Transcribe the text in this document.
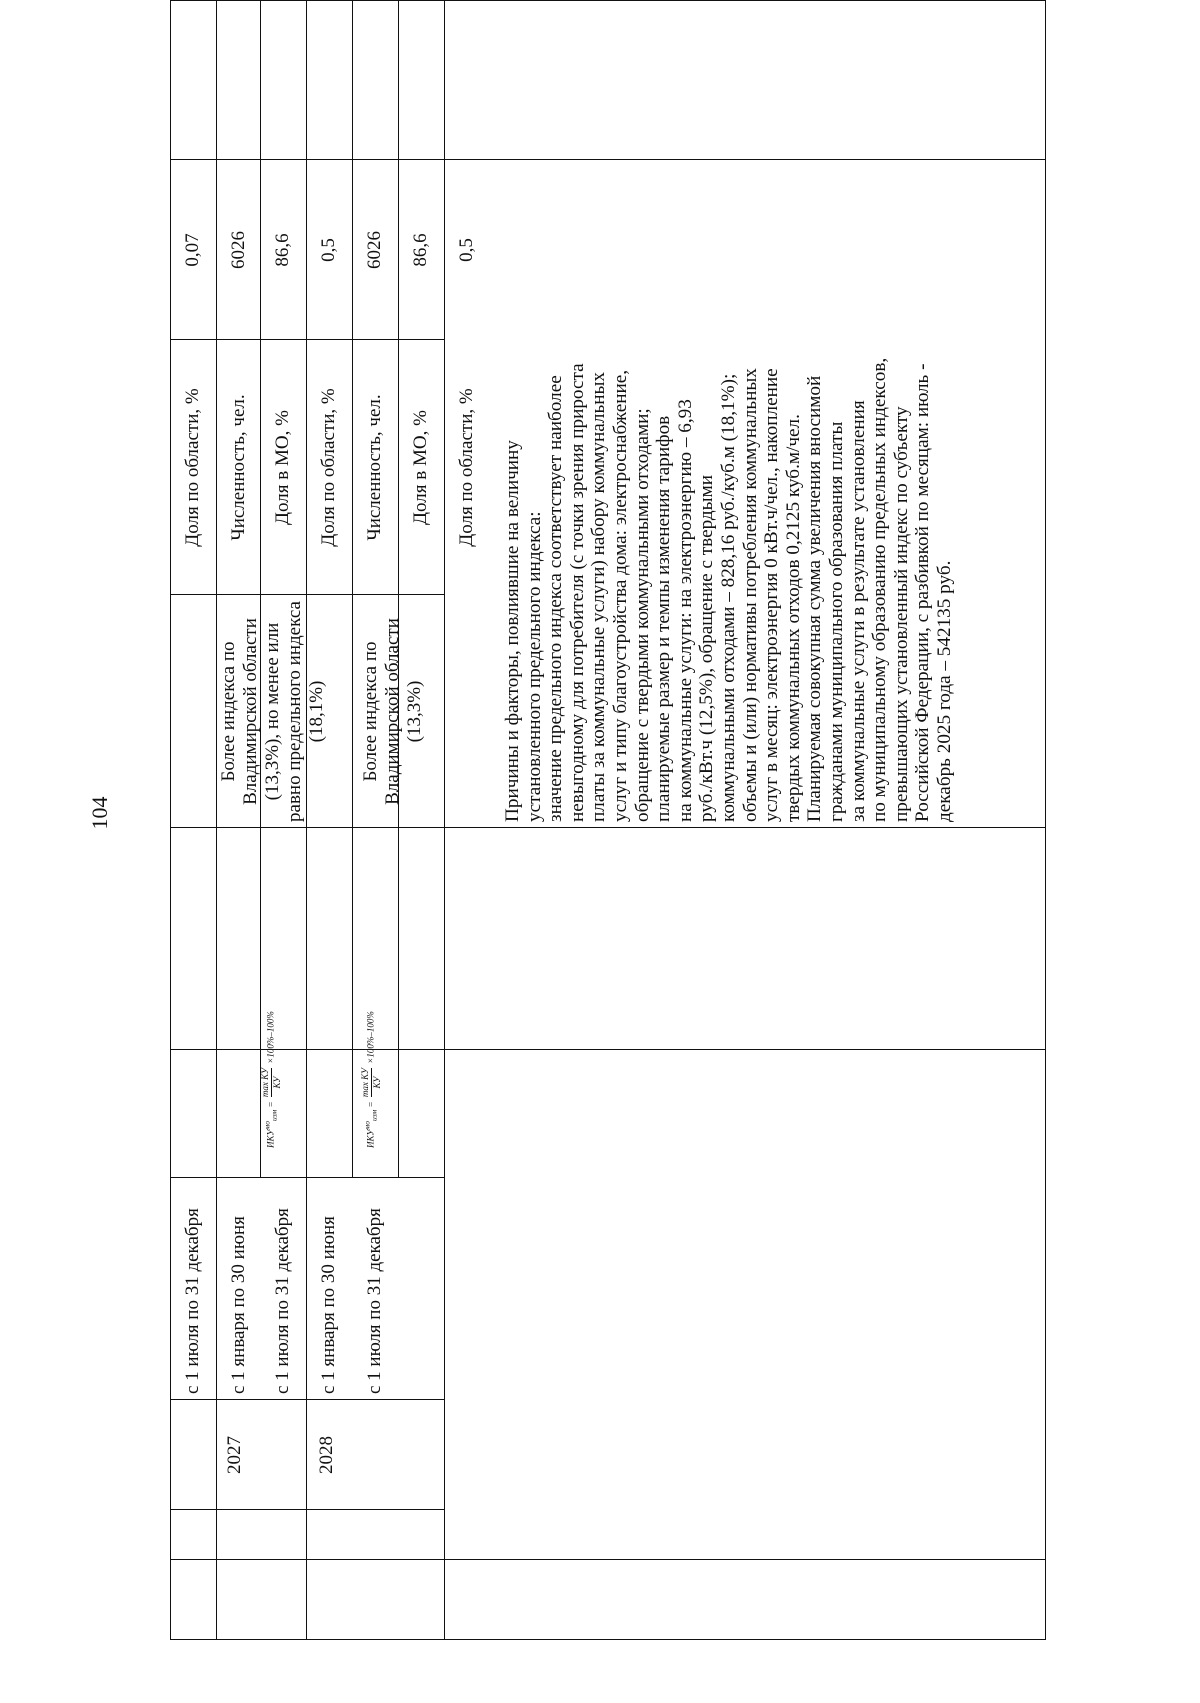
104
с 1 июля по 31 декабря
Доля по области, %
0,07
2027
с 1 января по 30 июня с 1 июля по 31 декабря
$ИКУ^{мо}_{изм}$ =
max КУ КУ
×100%–100%
Более индекса по Владимирской области (13,3%), но менее или равно предельного индекса (18,1%)
Численность, чел.
6026
Доля в МО, %
86,6
Доля по области, %
0,5
2028
с 1 января по 30 июня с 1 июля по 31 декабря
$ИКУ^{мо}_{изм}$ =
max КУ КУ
×100%–100%
Более индекса по Владимирской области (13,3%)
Численность, чел.
6026
Доля в МО, %
86,6
Доля по области, %
0,5
Причины и факторы, повлиявшие на величину установленного предельного индекса: значение предельного индекса соответствует наиболее невыгодному для потребителя (с точки зрения прироста платы за коммунальные услуги) набору коммунальных услуг и типу благоустройства дома: электроснабжение, обращение с твердыми коммунальными отходами; планируемые размер и темпы изменения тарифов на коммунальные услуги: на электроэнергию – 6,93 руб./кВт.ч (12,5%), обращение с твердыми коммунальными отходами – 828,16 руб./куб.м (18,1%); объемы и (или) нормативы потребления коммунальных услуг в месяц: электроэнергия 0 кВт.ч/чел., накопление твердых коммунальных отходов 0,2125 куб.м/чел. Планируемая совокупная сумма увеличения вносимой гражданами муниципального образования платы за коммунальные услуги в результате установления по муниципальному образованию предельных индексов, превышающих установленный индекс по субъекту Российской Федерации, с разбивкой по месяцам: июль - декабрь 2025 года – 542135 руб.
